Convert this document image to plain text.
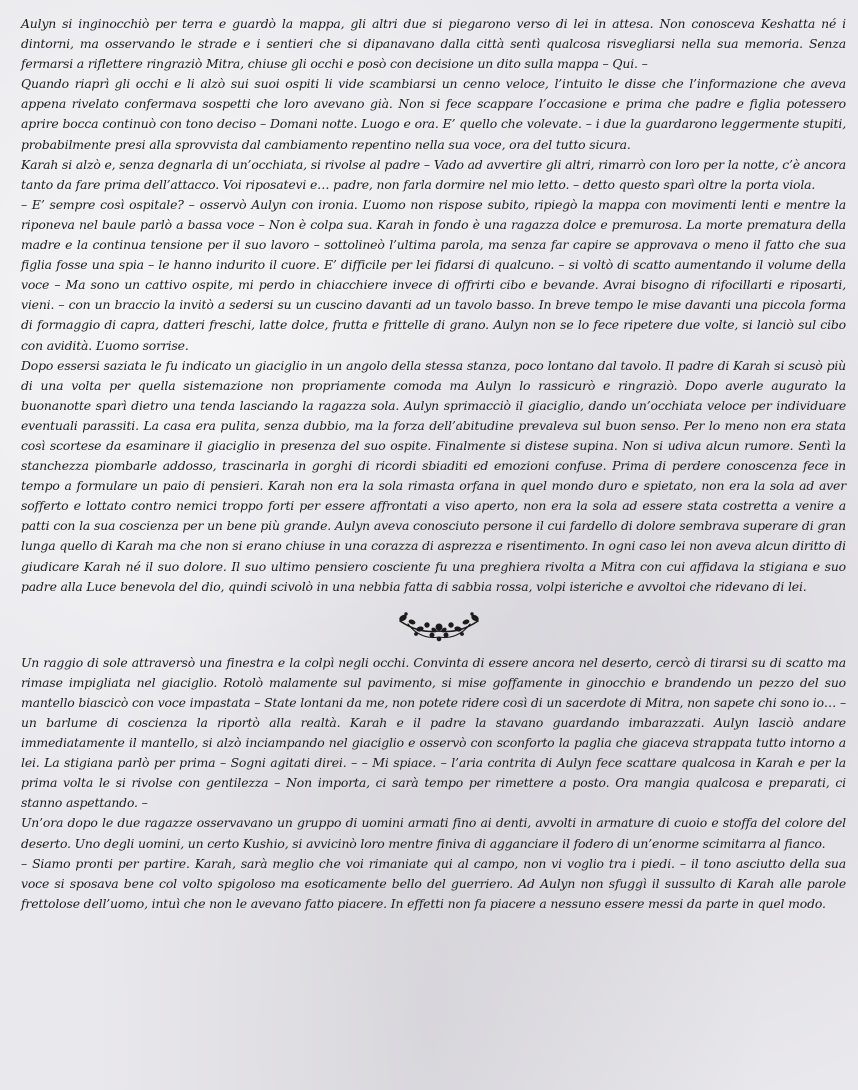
Aulyn si inginocchiò per terra e guardò la mappa, gli altri due si piegarono verso di lei in attesa. Non conosceva Keshatta né i dintorni, ma osservando le strade e i sentieri che si dipanavano dalla città sentì qualcosa risvegliarsi nella sua memoria. Senza fermarsi a riflettere ringraziò Mitra, chiuse gli occhi e posò con decisione un dito sulla mappa – Qui. –

Quando riaprì gli occhi e li alzò sui suoi ospiti li vide scambiarsi un cenno veloce, l’intuito le disse che l’informazione che aveva appena rivelato confermava sospetti che loro avevano già. Non si fece scappare l’occasione e prima che padre e figlia potessero aprire bocca continuò con tono deciso – Domani notte. Luogo e ora. E’ quello che volevate. – i due la guardarono leggermente stupiti, probabilmente presi alla sprovvista dal cambiamento repentino nella sua voce, ora del tutto sicura.

Karah si alzò e, senza degnarla di un’occhiata, si rivolse al padre – Vado ad avvertire gli altri, rimarrò con loro per la notte, c’è ancora tanto da fare prima dell’attacco. Voi riposatevi e… padre, non farla dormire nel mio letto. – detto questo sparì oltre la porta viola.

– E’ sempre così ospitale? – osservò Aulyn con ironia. L’uomo non rispose subito, ripiegò la mappa con movimenti lenti e mentre la riponeva nel baule parlò a bassa voce – Non è colpa sua. Karah in fondo è una ragazza dolce e premurosa. La morte prematura della madre e la continua tensione per il suo lavoro – sottolineò l’ultima parola, ma senza far capire se approvava o meno il fatto che sua figlia fosse una spia – le hanno indurito il cuore. E’ difficile per lei fidarsi di qualcuno. – si voltò di scatto aumentando il volume della voce – Ma sono un cattivo ospite, mi perdo in chiacchiere invece di offrirti cibo e bevande. Avrai bisogno di rifocillarti e riposarti, vieni. – con un braccio la invitò a sedersi su un cuscino davanti ad un tavolo basso. In breve tempo le mise davanti una piccola forma di formaggio di capra, datteri freschi, latte dolce, frutta e frittelle di grano. Aulyn non se lo fece ripetere due volte, si lanciò sul cibo con avidità. L’uomo sorrise.

Dopo essersi saziata le fu indicato un giaciglio in un angolo della stessa stanza, poco lontano dal tavolo. Il padre di Karah si scusò più di una volta per quella sistemazione non propriamente comoda ma Aulyn lo rassicurò e ringraziò. Dopo averle augurato la buonanotte sparì dietro una tenda lasciando la ragazza sola. Aulyn sprimacciò il giaciglio, dando un’occhiata veloce per individuare eventuali parassiti. La casa era pulita, senza dubbio, ma la forza dell’abitudine prevaleva sul buon senso. Per lo meno non era stata così scortese da esaminare il giaciglio in presenza del suo ospite. Finalmente si distese supina. Non si udiva alcun rumore. Sentì la stanchezza piombarle addosso, trascinarla in gorghi di ricordi sbiaditi ed emozioni confuse. Prima di perdere conoscenza fece in tempo a formulare un paio di pensieri. Karah non era la sola rimasta orfana in quel mondo duro e spietato, non era la sola ad aver sofferto e lottato contro nemici troppo forti per essere affrontati a viso aperto, non era la sola ad essere stata costretta a venire a patti con la sua coscienza per un bene più grande. Aulyn aveva conosciuto persone il cui fardello di dolore sembrava superare di gran lunga quello di Karah ma che non si erano chiuse in una corazza di asprezza e risentimento. In ogni caso lei non aveva alcun diritto di giudicare Karah né il suo dolore. Il suo ultimo pensiero cosciente fu una preghiera rivolta a Mitra con cui affidava la stigiana e suo padre alla Luce benevola del dio, quindi scivolò in una nebbia fatta di sabbia rossa, volpi isteriche e avvoltoi che ridevano di lei.

Un raggio di sole attraversò una finestra e la colpì negli occhi. Convinta di essere ancora nel deserto, cercò di tirarsi su di scatto ma rimase impigliata nel giaciglio. Rotolò malamente sul pavimento, si mise goffamente in ginocchio e brandendo un pezzo del suo mantello biascicò con voce impastata – State lontani da me, non potete ridere così di un sacerdote di Mitra, non sapete chi sono io… – un barlume di coscienza la riportò alla realtà. Karah e il padre la stavano guardando imbarazzati. Aulyn lasciò andare immediatamente il mantello, si alzò inciampando nel giaciglio e osservò con sconforto la paglia che giaceva strappata tutto intorno a lei. La stigiana parlò per prima – Sogni agitati direi. – – Mi spiace. – l’aria contrita di Aulyn fece scattare qualcosa in Karah e per la prima volta le si rivolse con gentilezza – Non importa, ci sarà tempo per rimettere a posto. Ora mangia qualcosa e preparati, ci stanno aspettando. –

Un’ora dopo le due ragazze osservavano un gruppo di uomini armati fino ai denti, avvolti in armature di cuoio e stoffa del colore del deserto. Uno degli uomini, un certo Kushio, si avvicinò loro mentre finiva di agganciare il fodero di un’enorme scimitarra al fianco.

– Siamo pronti per partire. Karah, sarà meglio che voi rimaniate qui al campo, non vi voglio tra i piedi. – il tono asciutto della sua voce si sposava bene col volto spigoloso ma esoticamente bello del guerriero. Ad Aulyn non sfuggì il sussulto di Karah alle parole frettolose dell’uomo, intuì che non le avevano fatto piacere. In effetti non fa piacere a nessuno essere messi da parte in quel modo.
